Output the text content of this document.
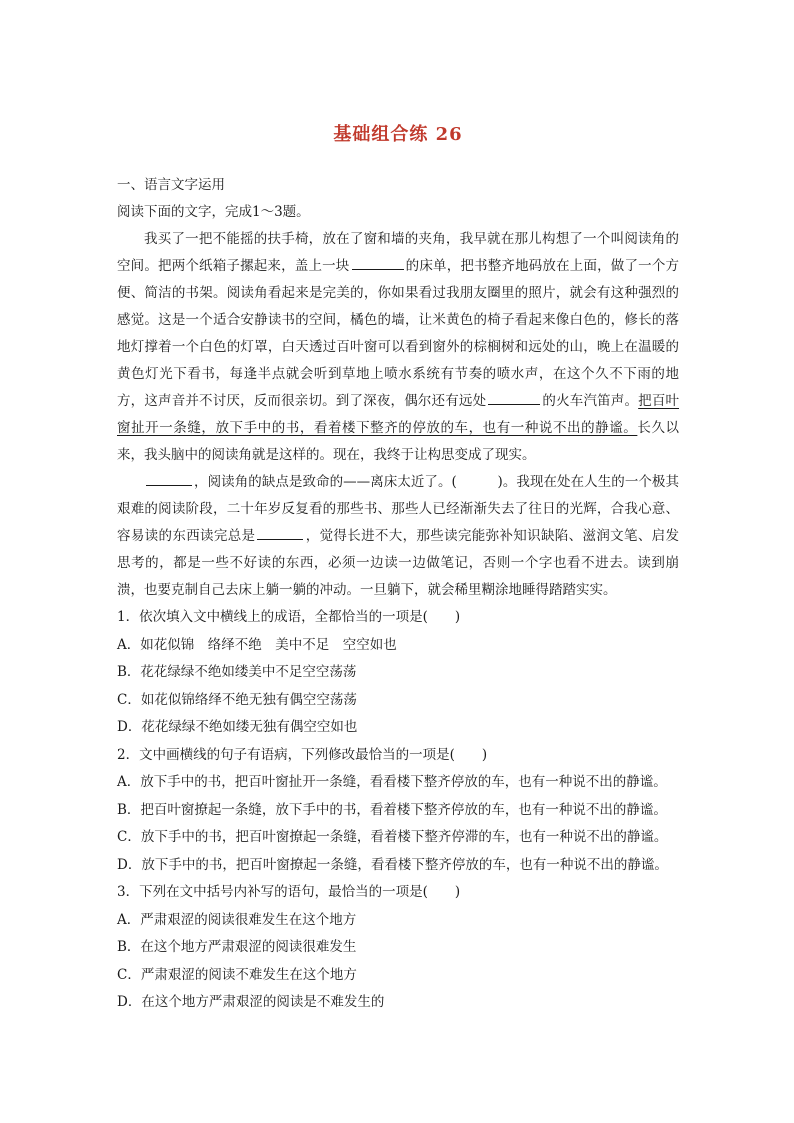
基础组合练 26
一、语言文字运用
阅读下面的文字，完成1～3题。
我买了一把不能摇的扶手椅，放在了窗和墙的夹角，我早就在那儿构想了一个叫阅读角的空间。把两个纸箱子摞起来，盖上一块	的床单，把书整齐地码放在上面，做了一个方便、简洁的书架。阅读角看起来是完美的，你如果看过我朋友圈里的照片，就会有这种强烈的感觉。这是一个适合安静读书的空间，橘色的墙，让米黄色的椅子看起来像白色的，修长的落地灯撑着一个白色的灯罩，白天透过百叶窗可以看到窗外的棕榈树和远处的山，晚上在温暖的黄色灯光下看书，每逢半点就会听到草地上喷水系统有节奏的喷水声，在这个久不下雨的地方，这声音并不讨厌，反而很亲切。到了深夜，偶尔还有远处	的火车汽笛声。把百叶窗扯开一条缝，放下手中的书，看着楼下整齐的停放的车，也有一种说不出的静谧。长久以来，我头脑中的阅读角就是这样的。现在，我终于让构思变成了现实。
，阅读角的缺点是致命的——离床太近了。(　　　)。我现在处在人生的一个极其艰难的阅读阶段，二十年岁反复看的那些书、那些人已经渐渐失去了往日的光辉，合我心意、容易读的东西读完总是	，觉得长进不大，那些读完能弥补知识缺陷、滋润文笔、启发思考的，都是一些不好读的东西，必须一边读一边做笔记，否则一个字也看不进去。读到崩溃，也要克制自己去床上躺一躺的冲动。一旦躺下，就会稀里糊涂地睡得踏踏实实。
1．依次填入文中横线上的成语，全都恰当的一项是(　　)
A．如花似锦　络绎不绝　美中不足　空空如也
B．花花绿绿不绝如缕美中不足空空荡荡
C．如花似锦络绎不绝无独有偶空空荡荡
D．花花绿绿不绝如缕无独有偶空空如也
2．文中画横线的句子有语病，下列修改最恰当的一项是(　　)
A．放下手中的书，把百叶窗扯开一条缝，看看楼下整齐停放的车，也有一种说不出的静谧。
B．把百叶窗撩起一条缝，放下手中的书，看着楼下整齐停放的车，也有一种说不出的静谧。
C．放下手中的书，把百叶窗撩起一条缝，看着楼下整齐停滞的车，也有一种说不出的静谧。
D．放下手中的书，把百叶窗撩起一条缝，看看楼下整齐停放的车，也有一种说不出的静谧。
3．下列在文中括号内补写的语句，最恰当的一项是(　　)
A．严肃艰涩的阅读很难发生在这个地方
B．在这个地方严肃艰涩的阅读很难发生
C．严肃艰涩的阅读不难发生在这个地方
D．在这个地方严肃艰涩的阅读是不难发生的
